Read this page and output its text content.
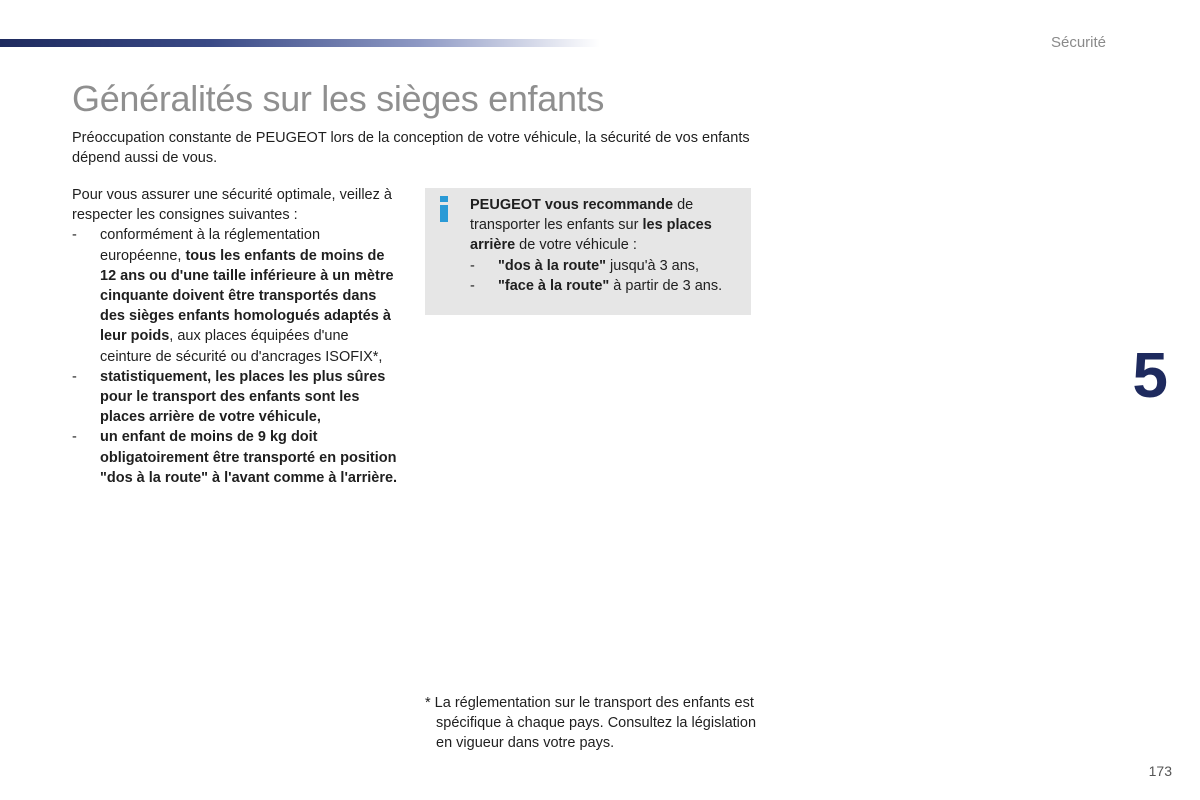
Sécurité
Généralités sur les sièges enfants

Préoccupation constante de PEUGEOT lors de la conception de votre véhicule, la sécurité de vos enfants dépend aussi de vous.

Pour vous assurer une sécurité optimale, veillez à respecter les consignes suivantes :

- conformément à la réglementation européenne, tous les enfants de moins de 12 ans ou d'une taille inférieure à un mètre cinquante doivent être transportés dans des sièges enfants homologués adaptés à leur poids, aux places équipées d'une ceinture de sécurité ou d'ancrages ISOFIX*,
- statistiquement, les places les plus sûres pour le transport des enfants sont les places arrière de votre véhicule,
- un enfant de moins de 9 kg doit obligatoirement être transporté en position "dos à la route" à l'avant comme à l'arrière.

PEUGEOT vous recommande de transporter les enfants sur les places arrière de votre véhicule :

- "dos à la route" jusqu'à 3 ans,
- "face à la route" à partir de 3 ans.
* La réglementation sur le transport des enfants est spécifique à chaque pays. Consultez la législation en vigueur dans votre pays.
5
173
